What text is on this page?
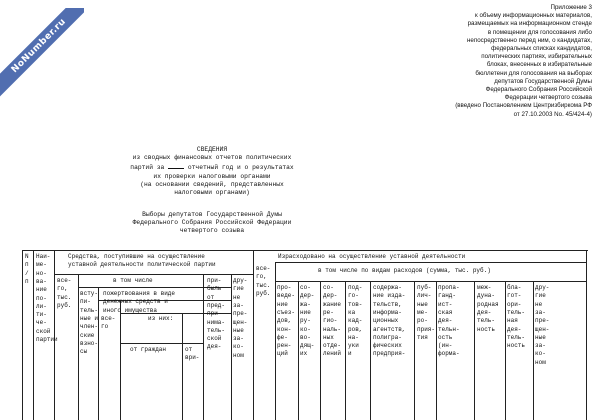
NoNumber.ru
Приложение 3
к объему информационных материалов,
размещаемых на информационном стенде
в помещении для голосования либо
непосредственно перед ним, о кандидатах,
федеральных списках кандидатов,
политических партиях, избирательных
блоках, внесенных в избирательные
бюллетени для голосования на выборах
депутатов Государственной Думы
Федерального Собрания Российской
Федерации четвертого созыва
(введено Постановлением Центризбиркома РФ
от 27.10.2003 No. 45/424-4)
СВЕДЕНИЯ
из сводных финансовых отчетов политических
партий за	отчетный год и о результатах
их проверки налоговыми органами
(на основании сведений, представленных
налоговыми органами)
Выборы депутатов Государственной Думы
Федерального Собрания Российской Федерации
четвертого созыва
N
п
/
п
Наи-
ме-
но-
ва-
ние
по-
ли-
ти-
че-
ской
партии
Средства, поступившие на осуществление
уставной деятельности политической партии
все-
го,
тыс.
руб.
в том числе
всту-
пи-
тель-
ные и
член-
ские
взно-
сы
пожертвования в виде
денежных средств и
иного имущества
все-
го
из них:
от граждан	от
ври-
при-
быль
от
пред-
при-
нима-
тель-
ской
дея-
дру-
гие
не
за-
пре-
щен-
ные
за-
ко-
ном
Израсходовано на осуществление уставной деятельности
все-
го,
тыс.
руб.
в том числе по видам расходов (сумма, тыс. руб.)
про-
веде-
ние
съез-
дов,
кон-
фе-
рен-
ций
со-
дер-
жа-
ние
ру-
ко-
во-
дящ-
их
со-
дер-
жание
ре-
гио-
наль-
ных
отде-
лений
под-
го-
тов-
ка
кад-
ров,
на-
уки
и
содержа-
ние изда-
тельств,
информа-
ционных
агентств,
полигра-
фических
предприя-
пуб-
лич-
ные
ме-
ро-
прия-
тия
пропа-
ганд-
ист-
ская
дея-
тельн-
ость
(ин-
форма-
меж-
дуна-
родная
дея-
тель-
ность
бла-
гот-
ори-
тель-
ная
дея-
тель-
ность
дру-
гие
не
за-
пре-
щен-
ные
за-
ко-
ном
